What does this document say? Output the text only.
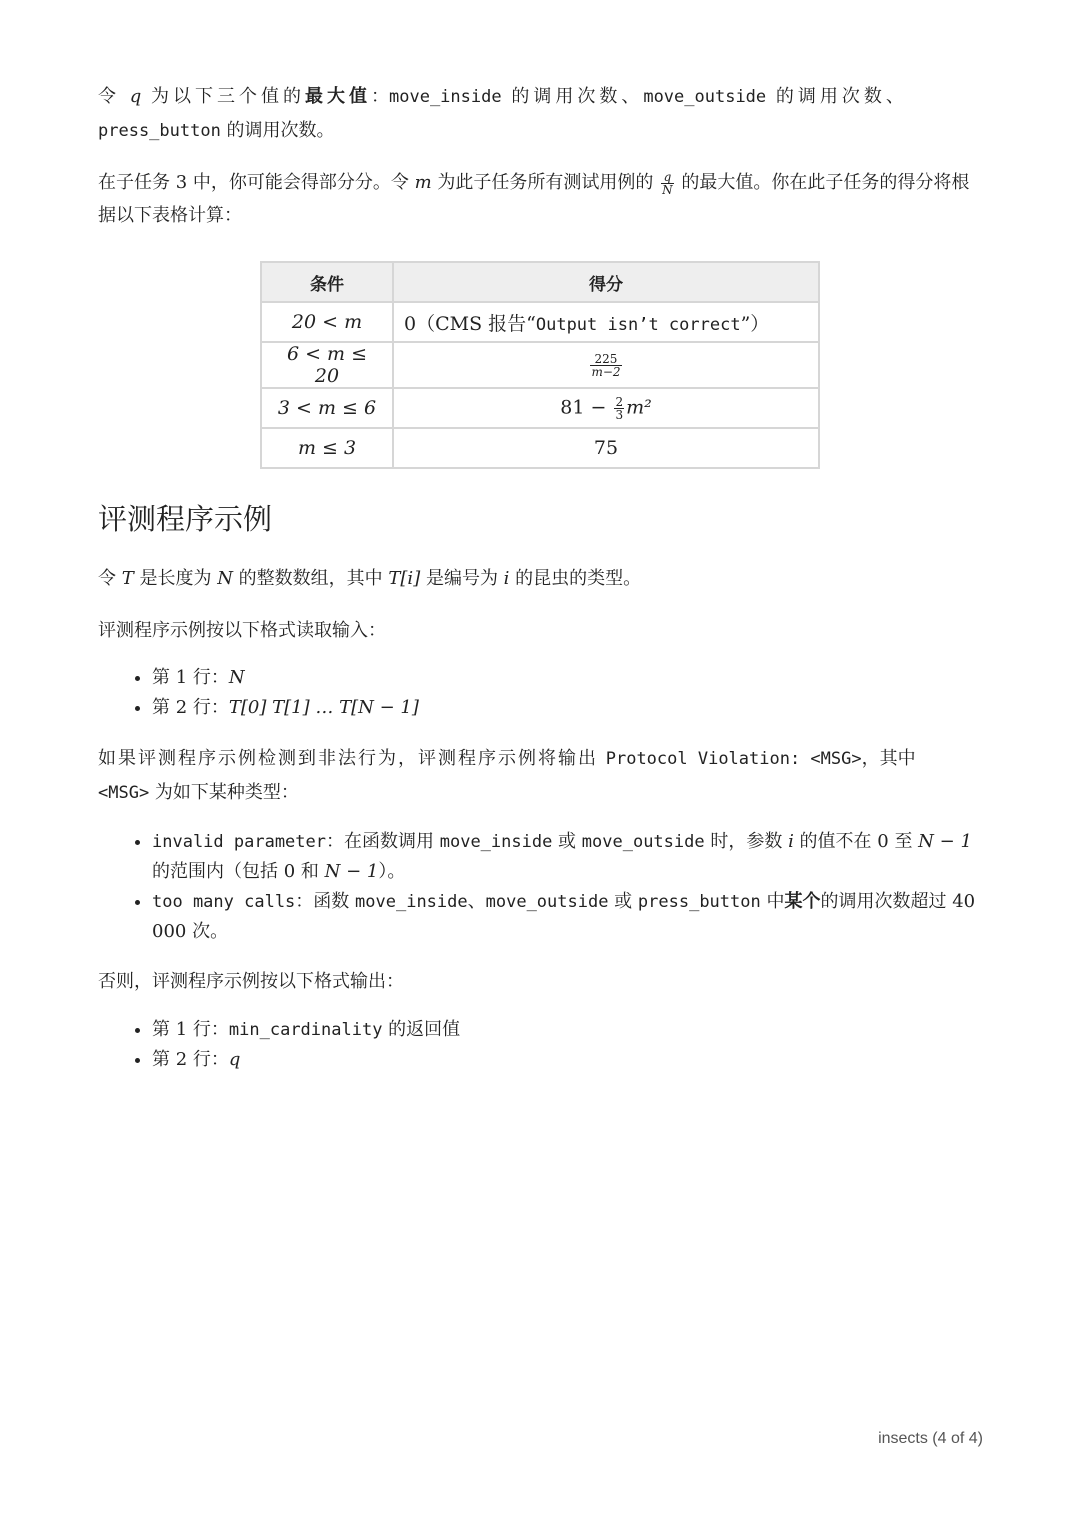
令 q 为以下三个值的最大值：move_inside 的调用次数、move_outside 的调用次数、
press_button 的调用次数。

在子任务 3 中，你可能会得部分分。令 m 为此子任务所有测试用例的 $\frac{q}{N}$ 的最大值。你在此子任务的得分将根据以下表格计算：

条件	得分
20 < m	0（CMS 报告“Output isn’t correct”）
6 < m ≤ 20	$\frac{225}{m-2}$

3 < m ≤ 6	$81 - \frac{2}{3} m^2$
m ≤ 3	75
评测程序示例

令 T 是长度为 N 的整数数组，其中 T[i] 是编号为 i 的昆虫的类型。

评测程序示例按以下格式读取输入：

• 第 1 行：N
• 第 2 行：T[0] T[1] … T[N − 1]

如果评测程序示例检测到非法行为，评测程序示例将输出 Protocol Violation: <MSG>，其中
<MSG> 为如下某种类型：

• invalid parameter：在函数调用 move_inside 或 move_outside 时，参数 i 的值不在 0 至 N − 1 的范围内（包括 0 和 N − 1）。
• too many calls：函数 move_inside、move_outside 或 press_button 中某个的调用次数超过 40 000 次。

否则，评测程序示例按以下格式输出：

• 第 1 行：min_cardinality 的返回值
• 第 2 行：q
insects (4 of 4)
